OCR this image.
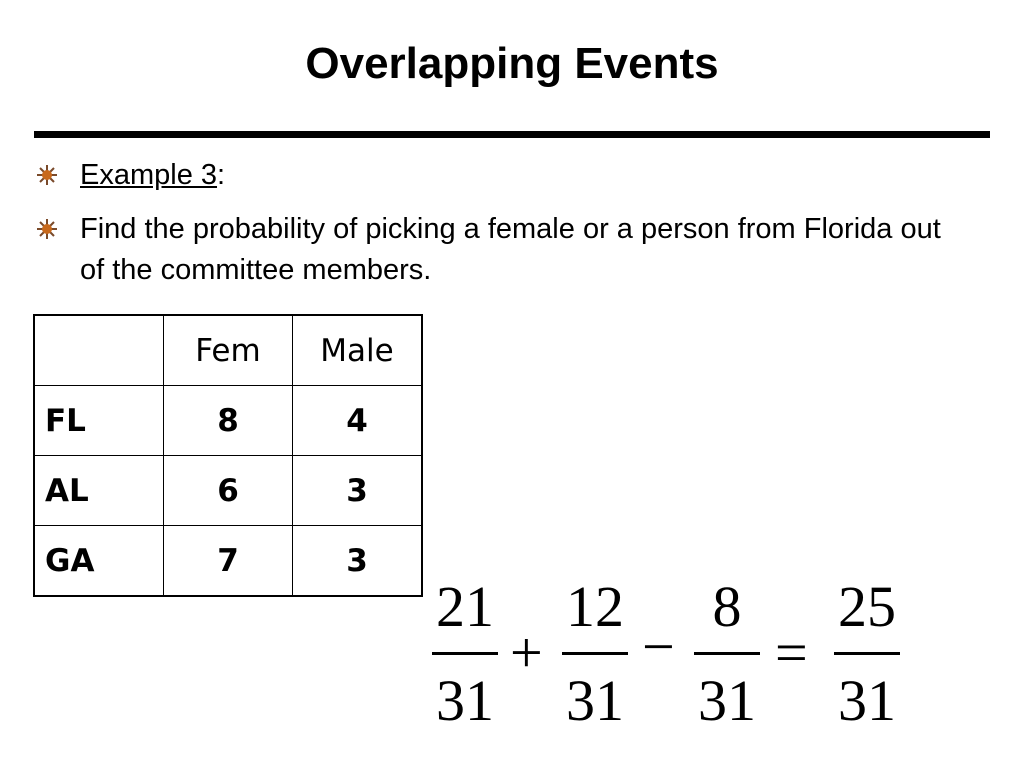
Overlapping Events
Example 3:
Find the probability of picking a female or a person from Florida out of the committee members.
	Fem	Male
FL	8	4
AL	6	3
GA	7	3
21
31
+
12
31
−
8
31
=
25
31
